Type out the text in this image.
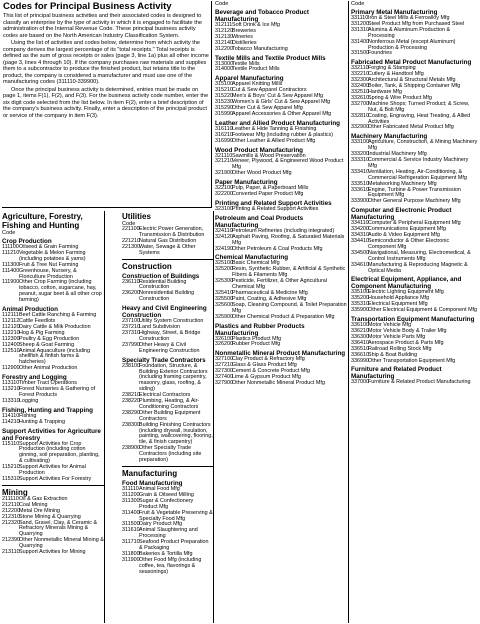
Codes for Principal Business Activity

This list of principal business activities and their associated codes is designed to classify an enterprise by the type of activity in which it is engaged to facilitate the administration of the Internal Revenue Code. These principal business activity codes are based on the North American Industry Classification System.

Using the list of activities and codes below, determine from which activity the company derives the largest percentage of its "total receipts." Total receipts is defined as the sum of gross receipts or sales (page 3, line 1a) plus all other income (page 3, lines 4 through 10). If the company purchases raw materials and supplies them to a subcontractor to produce the finished product, but retains title to the product, the company is considered a manufacturer and must use one of the manufacturing codes (311110-339900).

Once the principal business activity is determined, entries must be made on page 1, items F(1), F(2), and F(3). For the business activity code number, enter the six digit code selected from the list below. In item F(2), enter a brief description of the company's business activity. Finally, enter a description of the principal product or service of the company in item F(3).

Agriculture, Forestry, Fishing and Hunting
Code
Crop Production
111100 Oilseed & Grain Farming
111210 Vegetable & Melon Farming (including potatoes & yams)
111300 Fruit & Tree Nut Farming
111400 Greenhouse, Nursery, & Floriculture Production
111900 Other Crop Farming (including tobacco, cotton, sugarcane, hay, peanut, sugar beet & all other crop farming)
Animal Production
112111 Beef Cattle Ranching & Farming
112112 Cattle Feedlots
112120 Dairy Cattle & Milk Production
112210 Hog & Pig Farming
112300 Poultry & Egg Production
112400 Sheep & Goat Farming
112510 Animal Aquaculture (including shellfish & finfish farms & hatcheries)
112900 Other Animal Production
Forestry and Logging
113110 Timber Tract Operations
113210 Forest Nurseries & Gathering of Forest Products
113310 Logging
Fishing, Hunting and Trapping
114110 Fishing
114210 Hunting & Trapping
Support Activities for Agriculture and Forestry
115110 Support Activities for Crop Production (including cotton ginning, soil preparation, planting, & cultivating)
115210 Support Activities for Animal Production
115310 Support Activities For Forestry
Mining
211110 Oil & Gas Extraction
212110 Coal Mining
212200 Metal Ore Mining
212310 Stone Mining & Quarrying
212320 Sand, Gravel, Clay, & Ceramic & Refractory Minerals Mining & Quarrying
212390 Other Nonmetallic Mineral Mining & Quarrying
213110 Support Activities for Mining
Utilities
Code
221100 Electric Power Generation, Transmission & Distribution
221210 Natural Gas Distribution
221300 Water, Sewage & Other Systems
Construction
Construction of Buildings
236110 Residential Building Construction
236200 Nonresidential Building Construction
Heavy and Civil Engineering Construction
237100 Utility System Construction
237210 Land Subdivision
237310 Highway, Street, & Bridge Construction
237990 Other Heavy & Civil Engineering Construction
Specialty Trade Contractors
238100 Foundation, Structure, & Building Exterior Contractors (including framing carpentry, masonry, glass, roofing, & siding)
238210 Electrical Contractors
238220 Plumbing, Heating, & Air-Conditioning Contractors
238290 Other Building Equipment Contractors
238300 Building Finishing Contractors (including drywall, insulation, painting, wallcovering, flooring, tile, & finish carpentry)
238900 Other Specialty Trade Contractors (including site preparation)
Manufacturing
Food Manufacturing
311110 Animal Food Mfg
311200 Grain & Oilseed Milling
311300 Sugar & Confectionery Product Mfg
311400 Fruit & Vegetable Preserving & Specialty Food Mfg
311500 Dairy Product Mfg
311610 Animal Slaughtering and Processing
311710 Seafood Product Preparation & Packaging
311800 Bakeries & Tortilla Mfg
311900 Other Food Mfg (including coffee, tea, flavorings & seasonings)
Code
Beverage and Tobacco Product Manufacturing
312111 Soft Drink & Ice Mfg
312120 Breweries
312130 Wineries
312140 Distilleries
312200 Tobacco Manufacturing
Textile Mills and Textile Product Mills
313000 Textile Mills
314000 Textile Product Mills
Apparel Manufacturing
315100 Apparel Knitting Mills
315210 Cut & Sew Apparel Contractors
315220 Men's & Boys' Cut & Sew Apparel Mfg
315230 Women's & Girls' Cut & Sew Apparel Mfg
315290 Other Cut & Sew Apparel Mfg
315990 Apparel Accessories & Other Apparel Mfg
Leather and Allied Product Manufacturing
316110 Leather & Hide Tanning & Finishing
316210 Footwear Mfg (including rubber & plastics)
316990 Other Leather & Allied Product Mfg
Wood Product Manufacturing
321110 Sawmills & Wood Preservation
321210 Veneer, Plywood, & Engineered Wood Product Mfg
321900 Other Wood Product Mfg
Paper Manufacturing
322100 Pulp, Paper, & Paperboard Mills
322200 Converted Paper Product Mfg
Printing and Related Support Activities
323100 Printing & Related Support Activities
Petroleum and Coal Products Manufacturing
324110 Petroleum Refineries (including integrated)
324120 Asphalt Paving, Roofing, & Saturated Materials Mfg
324190 Other Petroleum & Coal Products Mfg
Chemical Manufacturing
325100 Basic Chemical Mfg
325200 Resin, Synthetic Rubber, & Artificial & Synthetic Fibers & Filaments Mfg
325300 Pesticide, Fertilizer, & Other Agricultural Chemical Mfg
325410 Pharmaceutical & Medicine Mfg
325500 Paint, Coating, & Adhesive Mfg
325600 Soap, Cleaning Compound, & Toilet Preparation Mfg
325900 Other Chemical Product & Preparation Mfg
Plastics and Rubber Products Manufacturing
326100 Plastics Product Mfg
326200 Rubber Product Mfg
Nonmetallic Mineral Product Manufacturing
327100 Clay Product & Refractory Mfg
327210 Glass & Glass Product Mfg
327300 Cement & Concrete Product Mfg
327400 Lime & Gypsum Product Mfg
327900 Other Nonmetallic Mineral Product Mfg
Code
Primary Metal Manufacturing
331110 Iron & Steel Mills & Ferroalloy Mfg
331200 Steel Product Mfg from Purchased Steel
331310 Alumina & Aluminum Production & Processing
331400 Nonferrous Metal (except Aluminum) Production & Processing
331500 Foundries
Fabricated Metal Product Manufacturing
332110 Forging & Stamping
332210 Cutlery & Handtool Mfg
332300 Architectural & Structural Metals Mfg
332400 Boiler, Tank, & Shipping Container Mfg
332510 Hardware Mfg
332610 Spring & Wire Product Mfg
332700 Machine Shops; Turned Product; & Screw, Nut, & Bolt Mfg
332810 Coating, Engraving, Heat Treating, & Allied Activities
332900 Other Fabricated Metal Product Mfg
Machinery Manufacturing
333100 Agriculture, Construction, & Mining Machinery Mfg
333200 Industrial Machinery Mfg
333310 Commercial & Service Industry Machinery Mfg
333410 Ventilation, Heating, Air-Conditioning, & Commercial Refrigeration Equipment Mfg
333510 Metalworking Machinery Mfg
333610 Engine, Turbine & Power Transmission Equipment Mfg
333900 Other General Purpose Machinery Mfg
Computer and Electronic Product Manufacturing
334110 Computer & Peripheral Equipment Mfg
334200 Communications Equipment Mfg
334310 Audio & Video Equipment Mfg
334410 Semiconductor & Other Electronic Component Mfg
334500 Navigational, Measuring, Electromedical, & Control Instruments Mfg
334610 Manufacturing & Reproducing Magnetic & Optical Media
Electrical Equipment, Appliance, and Component Manufacturing
335100 Electric Lighting Equipment Mfg
335200 Household Appliance Mfg
335310 Electrical Equipment Mfg
335900 Other Electrical Equipment & Component Mfg
Transportation Equipment Manufacturing
336100 Motor Vehicle Mfg
336210 Motor Vehicle Body & Trailer Mfg
336300 Motor Vehicle Parts Mfg
336410 Aerospace Product & Parts Mfg
336510 Railroad Rolling Stock Mfg
336610 Ship & Boat Building
336990 Other Transportation Equipment Mfg
Furniture and Related Product Manufacturing
337000 Furniture & Related Product Manufacturing
